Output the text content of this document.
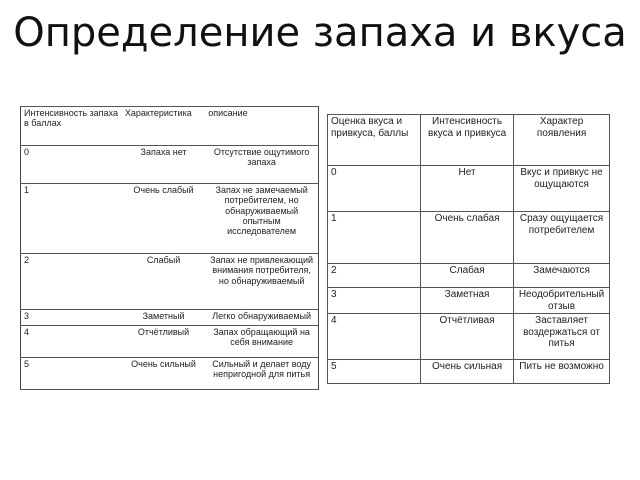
Определение запаха и вкуса
Интенсивность запаха в баллах	Характеристика	описание
0	Запаха нет	Отсутствие ощутимого запаха
1	Очень слабый	Запах не замечаемый потребителем, но обнаруживаемый опытным исследователем
2	Слабый	Запах не привлекающий внимания потребителя, но обнаруживаемый
3	Заметный	Легко обнаруживаемый
4	Отчётливый	Запах обращающий на себя внимание
5	Очень сильный	Сильный и делает воду непригодной для питья
Оценка вкуса и привкуса, баллы	Интенсивность вкуса и привкуса	Характер появления
0	Нет	Вкус и привкус не ощущаются
1	Очень слабая	Сразу ощущается потребителем
2	Слабая	Замечаются
3	Заметная	Неодобрительный отзыв
4	Отчётливая	Заставляет воздержаться от питья
5	Очень сильная	Пить не возможно
